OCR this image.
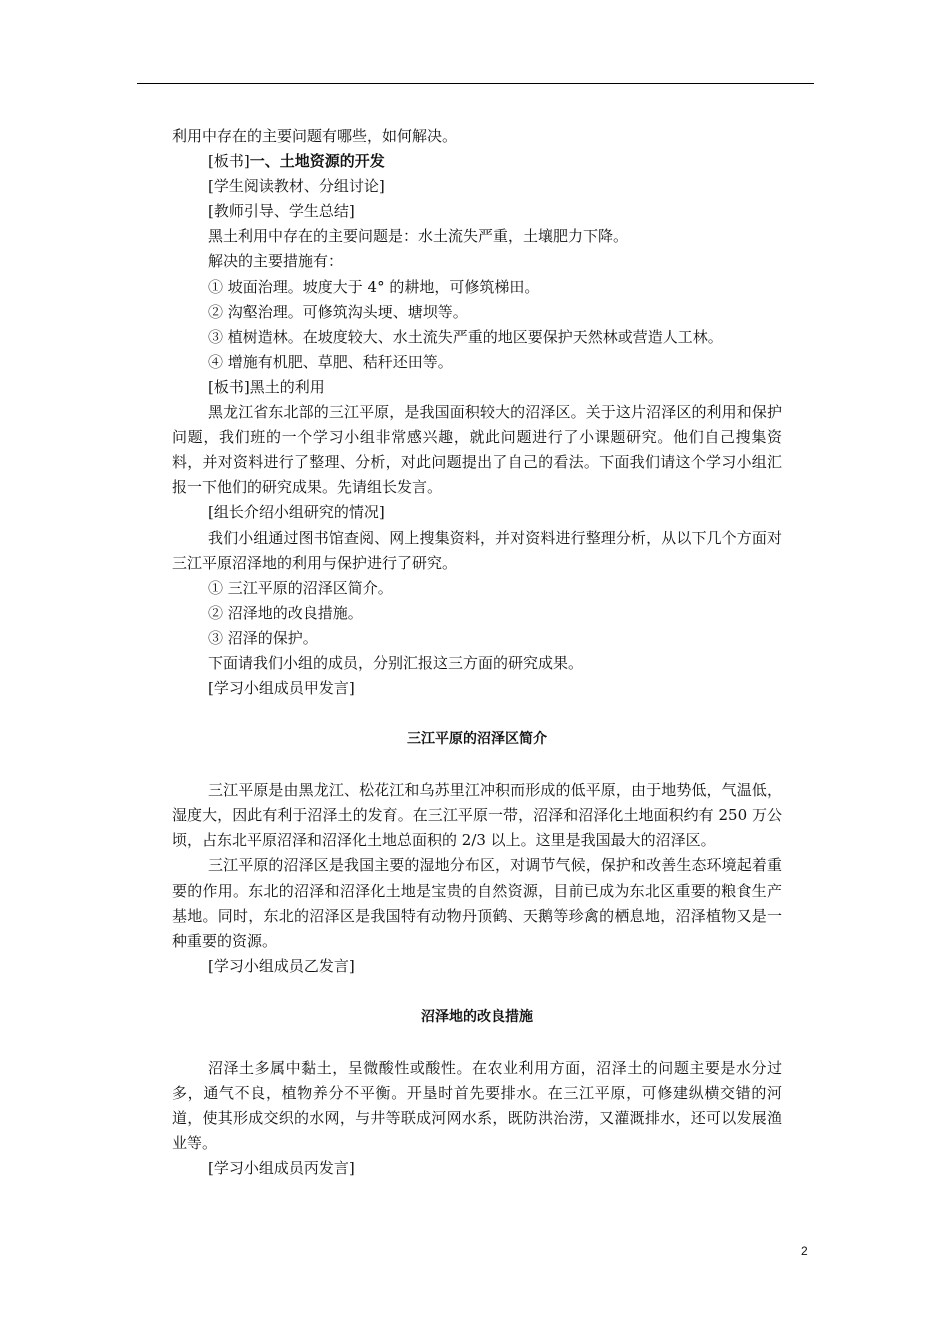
利用中存在的主要问题有哪些，如何解决。
[板书]一、土地资源的开发
[学生阅读教材、分组讨论]
[教师引导、学生总结]
黑土利用中存在的主要问题是：水土流失严重，土壤肥力下降。
解决的主要措施有：
① 坡面治理。坡度大于 4° 的耕地，可修筑梯田。
② 沟壑治理。可修筑沟头埂、塘坝等。
③ 植树造林。在坡度较大、水土流失严重的地区要保护天然林或营造人工林。
④ 增施有机肥、草肥、秸秆还田等。
[板书]黑土的利用

黑龙江省东北部的三江平原，是我国面积较大的沼泽区。关于这片沼泽区的利用和保护问题，我们班的一个学习小组非常感兴趣，就此问题进行了小课题研究。他们自己搜集资料，并对资料进行了整理、分析，对此问题提出了自己的看法。下面我们请这个学习小组汇报一下他们的研究成果。先请组长发言。

[组长介绍小组研究的情况]

我们小组通过图书馆查阅、网上搜集资料，并对资料进行整理分析，从以下几个方面对三江平原沼泽地的利用与保护进行了研究。

① 三江平原的沼泽区简介。
② 沼泽地的改良措施。
③ 沼泽的保护。
下面请我们小组的成员，分别汇报这三方面的研究成果。
[学习小组成员甲发言]
三江平原的沼泽区简介

三江平原是由黑龙江、松花江和乌苏里江冲积而形成的低平原，由于地势低，气温低，湿度大，因此有利于沼泽土的发育。在三江平原一带，沼泽和沼泽化土地面积约有 250 万公顷，占东北平原沼泽和沼泽化土地总面积的 2/3 以上。这里是我国最大的沼泽区。

三江平原的沼泽区是我国主要的湿地分布区，对调节气候，保护和改善生态环境起着重要的作用。东北的沼泽和沼泽化土地是宝贵的自然资源，目前已成为东北区重要的粮食生产基地。同时，东北的沼泽区是我国特有动物丹顶鹤、天鹅等珍禽的栖息地，沼泽植物又是一种重要的资源。

[学习小组成员乙发言]
沼泽地的改良措施

沼泽土多属中黏土，呈微酸性或酸性。在农业利用方面，沼泽土的问题主要是水分过多，通气不良，植物养分不平衡。开垦时首先要排水。在三江平原，可修建纵横交错的河道，使其形成交织的水网，与井等联成河网水系，既防洪治涝，又灌溉排水，还可以发展渔业等。

[学习小组成员丙发言]
2
